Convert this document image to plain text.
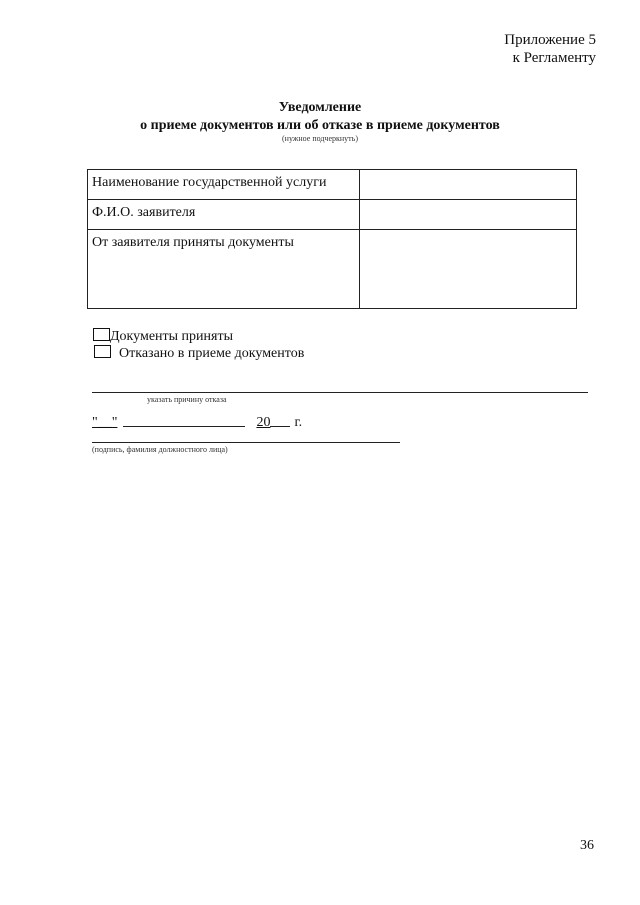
Приложение 5
к Регламенту
Уведомление
о приеме документов или об отказе в приеме документов
(нужное подчеркнуть)
Наименование государственной услуги	
Ф.И.О. заявителя	
От заявителя приняты документы	
Документы приняты
Отказано в приеме документов
указать причину отказа
"__"	20 г.
(подпись, фамилия должностного лица)
36
